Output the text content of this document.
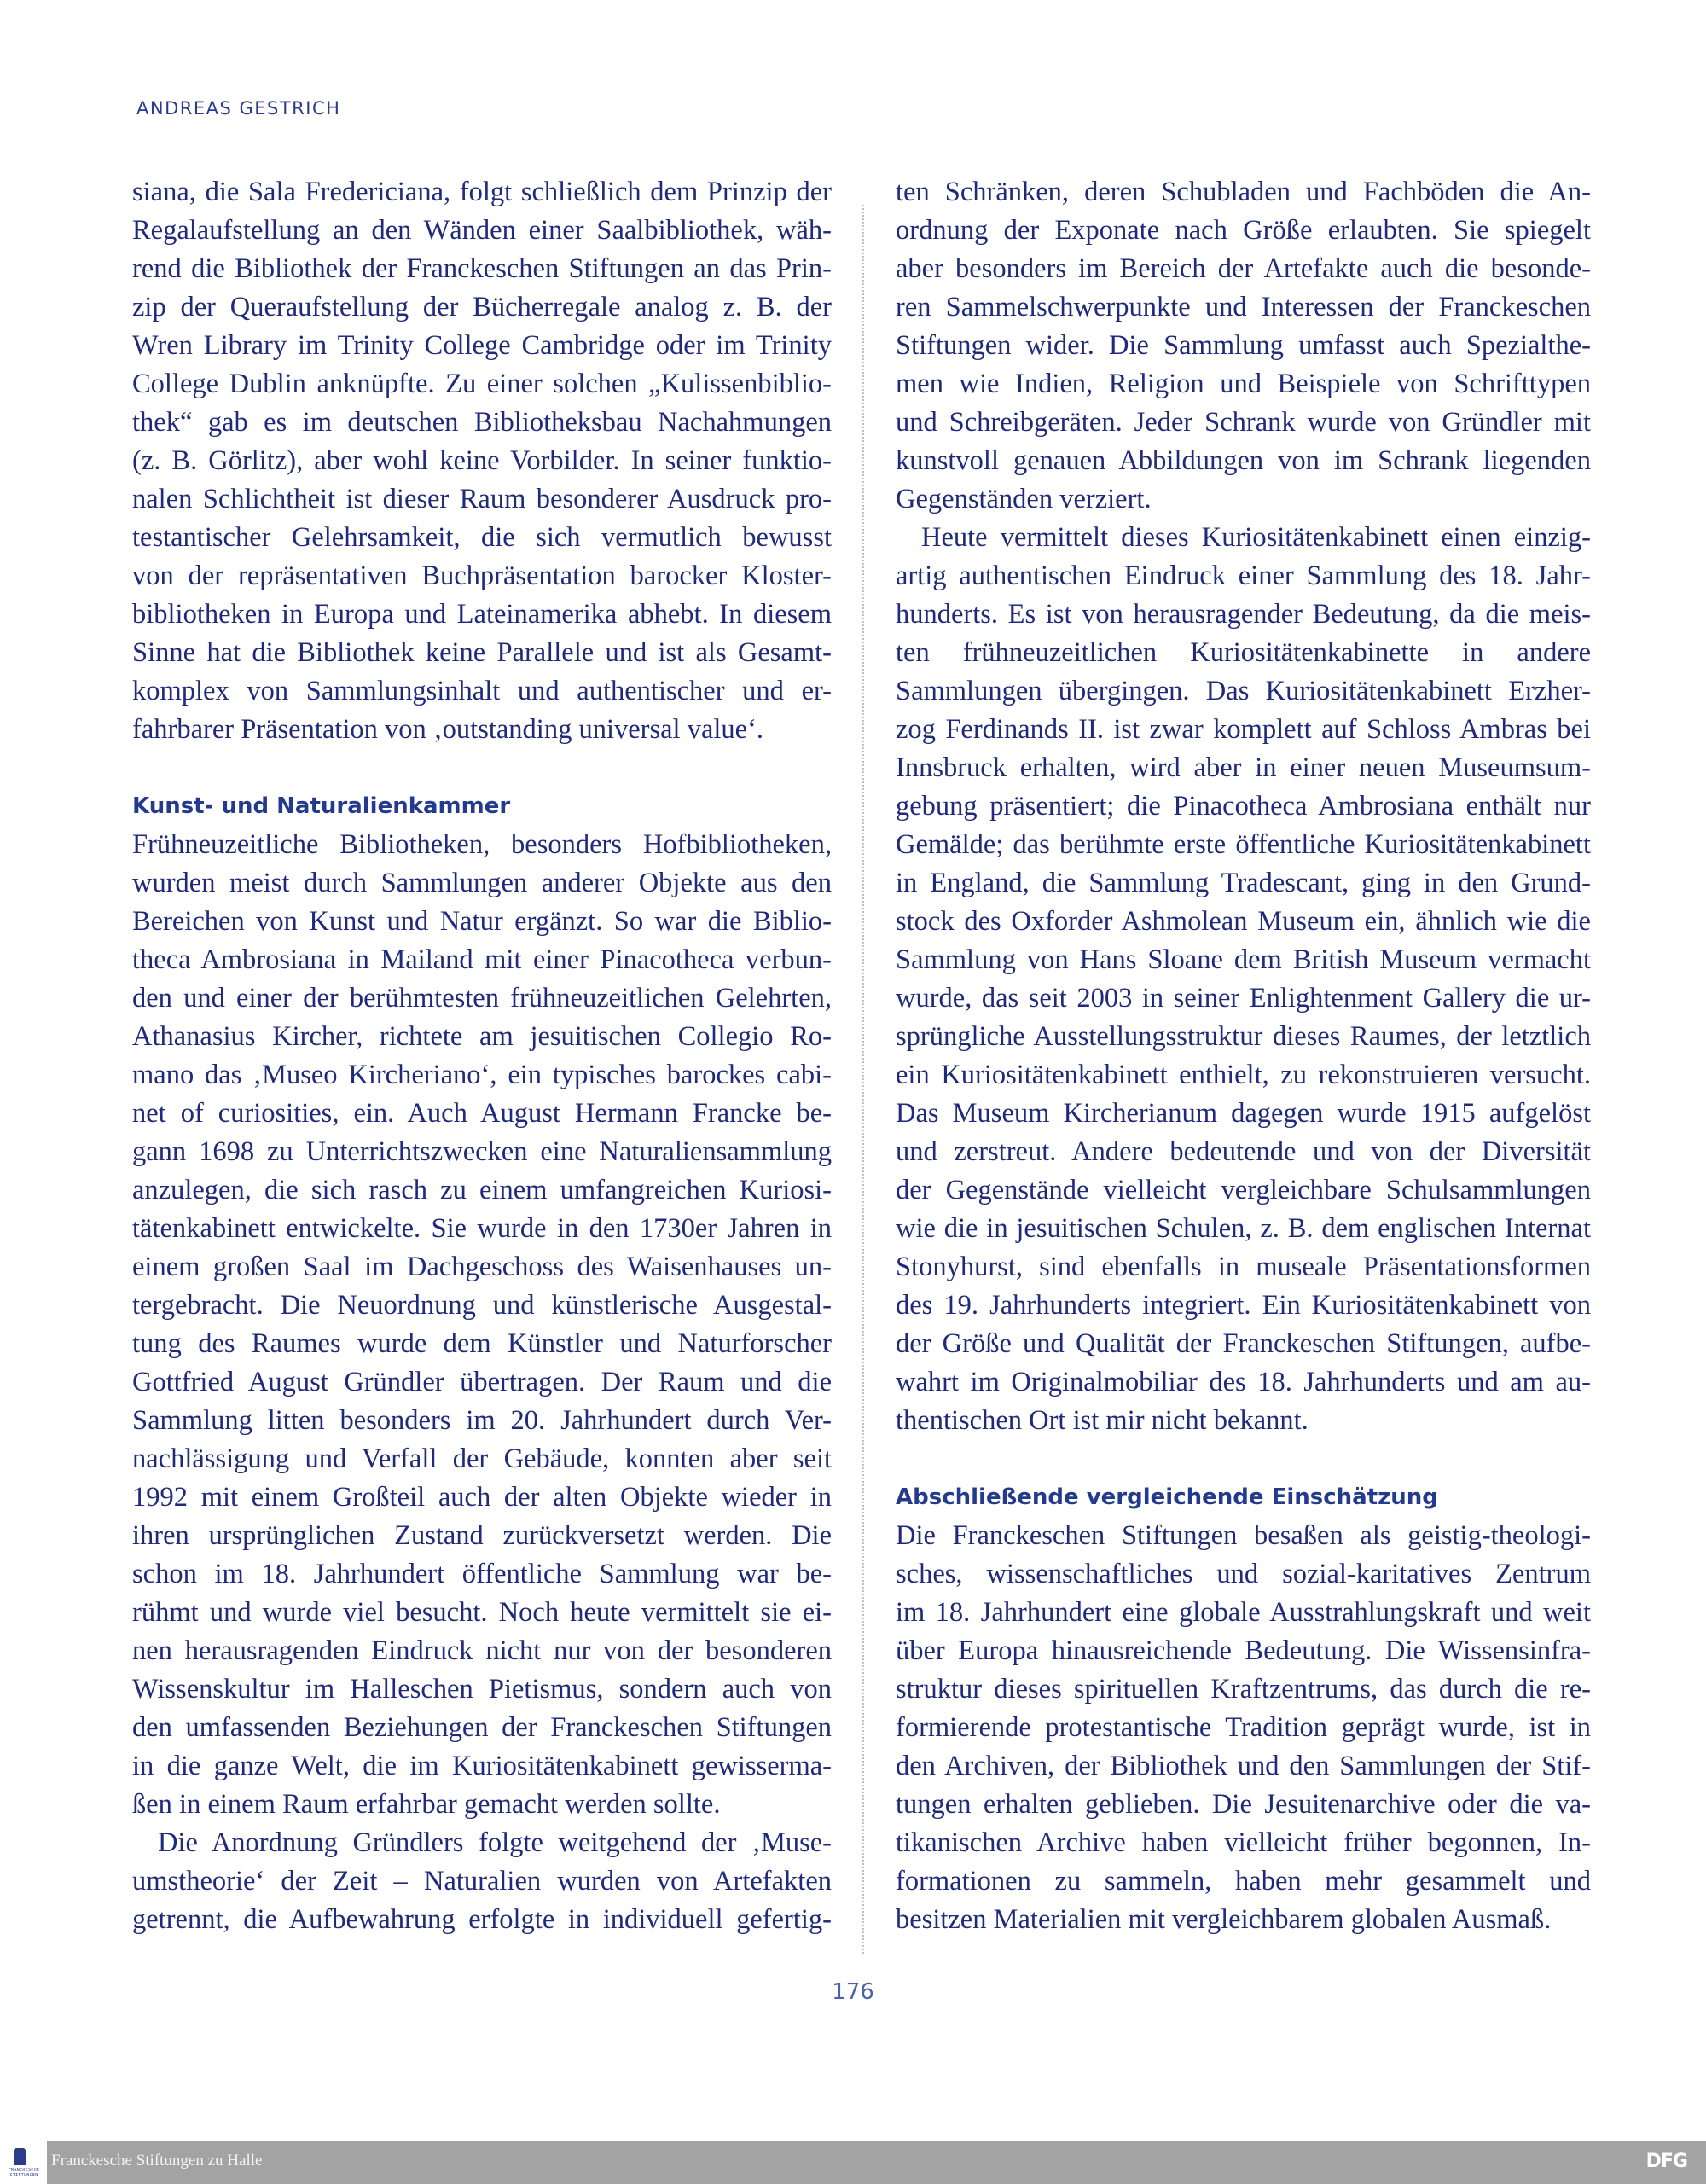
ANDREAS GESTRICH
siana, die Sala Fredericiana, folgt schließlich dem Prinzip der
Regalaufstellung an den Wänden einer Saalbibliothek, wäh-
rend die Bibliothek der Franckeschen Stiftungen an das Prin-
zip der Queraufstellung der Bücherregale analog z. B. der
Wren Library im Trinity College Cambridge oder im Trinity
College Dublin anknüpfte. Zu einer solchen „Kulissenbiblio-
thek“ gab es im deutschen Bibliotheksbau Nachahmungen
(z. B. Görlitz), aber wohl keine Vorbilder. In seiner funktio-
nalen Schlichtheit ist dieser Raum besonderer Ausdruck pro-
testantischer Gelehrsamkeit, die sich vermutlich bewusst
von der repräsentativen Buchpräsentation barocker Kloster-
bibliotheken in Europa und Lateinamerika abhebt. In diesem
Sinne hat die Bibliothek keine Parallele und ist als Gesamt-
komplex von Sammlungsinhalt und authentischer und er-
fahrbarer Präsentation von ‚outstanding universal value‘.
Kunst- und Naturalienkammer
Frühneuzeitliche Bibliotheken, besonders Hofbibliotheken,
wurden meist durch Sammlungen anderer Objekte aus den
Bereichen von Kunst und Natur ergänzt. So war die Biblio-
theca Ambrosiana in Mailand mit einer Pinacotheca verbun-
den und einer der berühmtesten frühneuzeitlichen Gelehrten,
Athanasius Kircher, richtete am jesuitischen Collegio Ro-
mano das ‚Museo Kircheriano‘, ein typisches barockes cabi-
net of curiosities, ein. Auch August Hermann Francke be-
gann 1698 zu Unterrichtszwecken eine Naturaliensammlung
anzulegen, die sich rasch zu einem umfangreichen Kuriosi-
tätenkabinett entwickelte. Sie wurde in den 1730er Jahren in
einem großen Saal im Dachgeschoss des Waisenhauses un-
tergebracht. Die Neuordnung und künstlerische Ausgestal-
tung des Raumes wurde dem Künstler und Naturforscher
Gottfried August Gründler übertragen. Der Raum und die
Sammlung litten besonders im 20. Jahrhundert durch Ver-
nachlässigung und Verfall der Gebäude, konnten aber seit
1992 mit einem Großteil auch der alten Objekte wieder in
ihren ursprünglichen Zustand zurückversetzt werden. Die
schon im 18. Jahrhundert öffentliche Sammlung war be-
rühmt und wurde viel besucht. Noch heute vermittelt sie ei-
nen herausragenden Eindruck nicht nur von der besonderen
Wissenskultur im Halleschen Pietismus, sondern auch von
den umfassenden Beziehungen der Franckeschen Stiftungen
in die ganze Welt, die im Kuriositätenkabinett gewisserma-
ßen in einem Raum erfahrbar gemacht werden sollte.
Die Anordnung Gründlers folgte weitgehend der ‚Muse-
umstheorie‘ der Zeit – Naturalien wurden von Artefakten
getrennt, die Aufbewahrung erfolgte in individuell gefertig-
ten Schränken, deren Schubladen und Fachböden die An-
ordnung der Exponate nach Größe erlaubten. Sie spiegelt
aber besonders im Bereich der Artefakte auch die besonde-
ren Sammelschwerpunkte und Interessen der Franckeschen
Stiftungen wider. Die Sammlung umfasst auch Spezialthe-
men wie Indien, Religion und Beispiele von Schrifttypen
und Schreibgeräten. Jeder Schrank wurde von Gründler mit
kunstvoll genauen Abbildungen von im Schrank liegenden
Gegenständen verziert.
Heute vermittelt dieses Kuriositätenkabinett einen einzig-
artig authentischen Eindruck einer Sammlung des 18. Jahr-
hunderts. Es ist von herausragender Bedeutung, da die meis-
ten frühneuzeitlichen Kuriositätenkabinette in andere
Sammlungen übergingen. Das Kuriositätenkabinett Erzher-
zog Ferdinands II. ist zwar komplett auf Schloss Ambras bei
Innsbruck erhalten, wird aber in einer neuen Museumsum-
gebung präsentiert; die Pinacotheca Ambrosiana enthält nur
Gemälde; das berühmte erste öffentliche Kuriositätenkabinett
in England, die Sammlung Tradescant, ging in den Grund-
stock des Oxforder Ashmolean Museum ein, ähnlich wie die
Sammlung von Hans Sloane dem British Museum vermacht
wurde, das seit 2003 in seiner Enlightenment Gallery die ur-
sprüngliche Ausstellungsstruktur dieses Raumes, der letztlich
ein Kuriositätenkabinett enthielt, zu rekonstruieren versucht.
Das Museum Kircherianum dagegen wurde 1915 aufgelöst
und zerstreut. Andere bedeutende und von der Diversität
der Gegenstände vielleicht vergleichbare Schulsammlungen
wie die in jesuitischen Schulen, z. B. dem englischen Internat
Stonyhurst, sind ebenfalls in museale Präsentationsformen
des 19. Jahrhunderts integriert. Ein Kuriositätenkabinett von
der Größe und Qualität der Franckeschen Stiftungen, aufbe-
wahrt im Originalmobiliar des 18. Jahrhunderts und am au-
thentischen Ort ist mir nicht bekannt.
Abschließende vergleichende Einschätzung
Die Franckeschen Stiftungen besaßen als geistig-theologi-
sches, wissenschaftliches und sozial-karitatives Zentrum
im 18. Jahrhundert eine globale Ausstrahlungskraft und weit
über Europa hinausreichende Bedeutung. Die Wissensinfra-
struktur dieses spirituellen Kraftzentrums, das durch die re-
formierende protestantische Tradition geprägt wurde, ist in
den Archiven, der Bibliothek und den Sammlungen der Stif-
tungen erhalten geblieben. Die Jesuitenarchive oder die va-
tikanischen Archive haben vielleicht früher begonnen, In-
formationen zu sammeln, haben mehr gesammelt und
besitzen Materialien mit vergleichbarem globalen Ausmaß.
176
FRANCKESCHE STIFTUNGEN
Franckesche Stiftungen zu Halle	DFG
